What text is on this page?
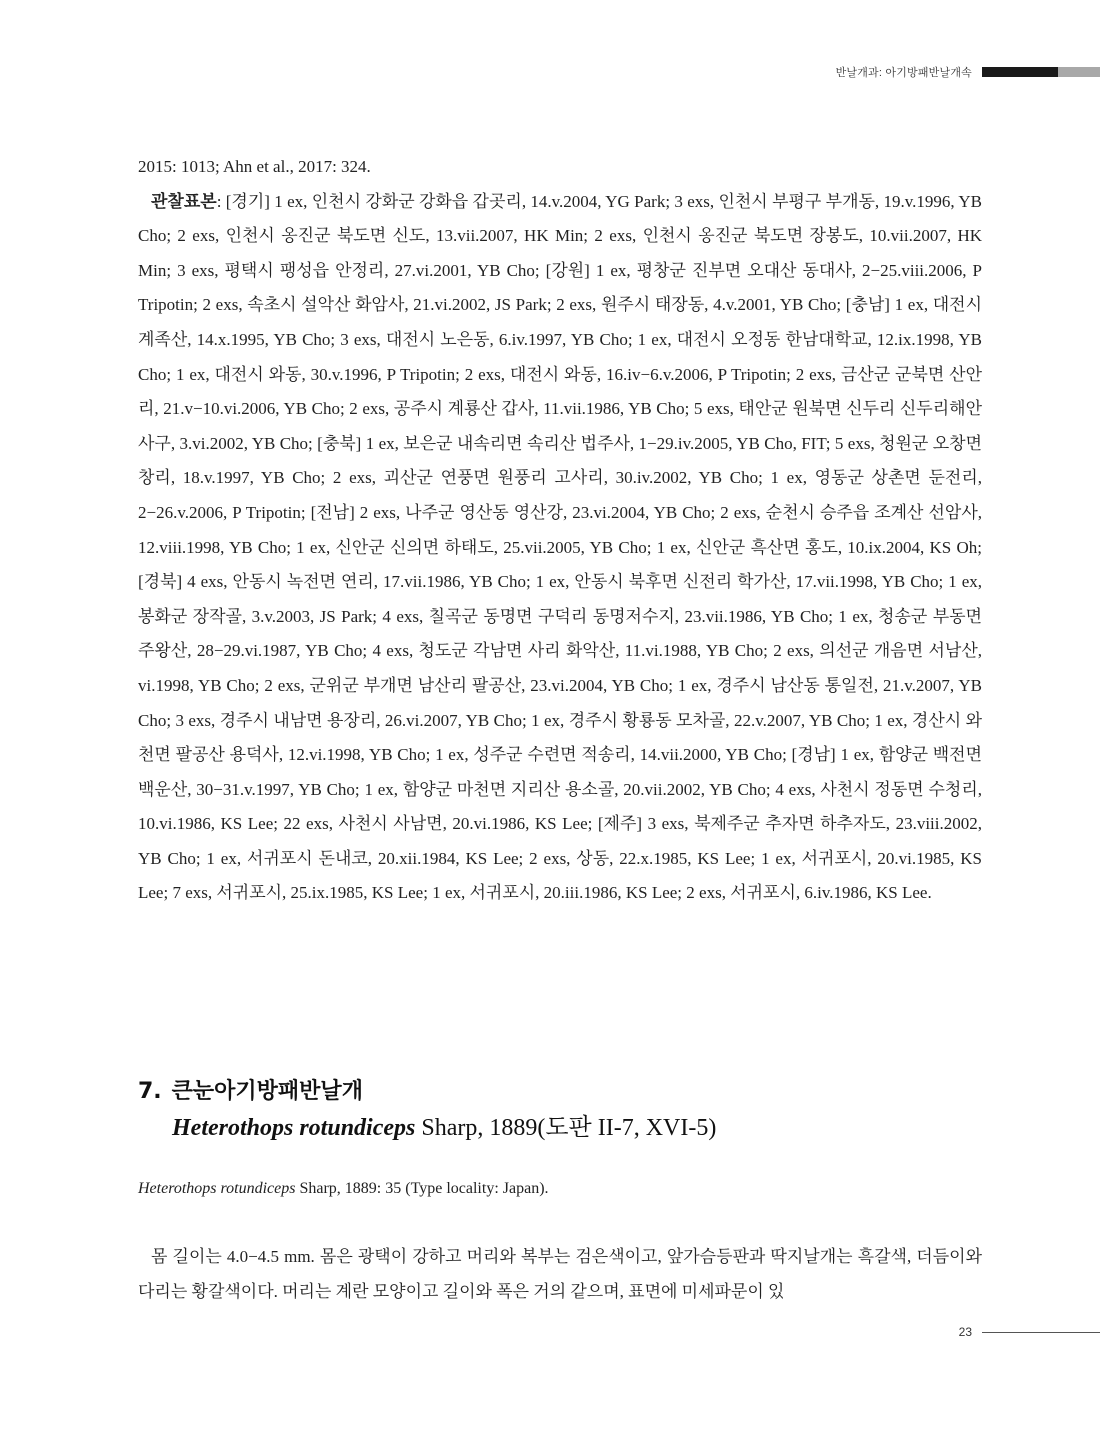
반날개과: 아기방패반날개속

2015: 1013; Ahn et al., 2017: 324.

관찰표본: [경기] 1 ex, 인천시 강화군 강화읍 갑곳리, 14.v.2004, YG Park; 3 exs, 인천시 부평구 부개동, 19.v.1996, YB Cho; 2 exs, 인천시 옹진군 북도면 신도, 13.vii.2007, HK Min; 2 exs, 인천시 옹진군 북도면 장봉도, 10.vii.2007, HK Min; 3 exs, 평택시 팽성읍 안정리, 27.vi.2001, YB Cho; [강원] 1 ex, 평창군 진부면 오대산 동대사, 2−25.viii.2006, P Tripotin; 2 exs, 속초시 설악산 화암사, 21.vi.2002, JS Park; 2 exs, 원주시 태장동, 4.v.2001, YB Cho; [충남] 1 ex, 대전시 계족산, 14.x.1995, YB Cho; 3 exs, 대전시 노은동, 6.iv.1997, YB Cho; 1 ex, 대전시 오정동 한남대학교, 12.ix.1998, YB Cho; 1 ex, 대전시 와동, 30.v.1996, P Tripotin; 2 exs, 대전시 와동, 16.iv−6.v.2006, P Tripotin; 2 exs, 금산군 군북면 산안리, 21.v−10.vi.2006, YB Cho; 2 exs, 공주시 계룡산 갑사, 11.vii.1986, YB Cho; 5 exs, 태안군 원북면 신두리 신두리해안사구, 3.vi.2002, YB Cho; [충북] 1 ex, 보은군 내속리면 속리산 법주사, 1−29.iv.2005, YB Cho, FIT; 5 exs, 청원군 오창면 창리, 18.v.1997, YB Cho; 2 exs, 괴산군 연풍면 원풍리 고사리, 30.iv.2002, YB Cho; 1 ex, 영동군 상촌면 둔전리, 2−26.v.2006, P Tripotin; [전남] 2 exs, 나주군 영산동 영산강, 23.vi.2004, YB Cho; 2 exs, 순천시 승주읍 조계산 선암사, 12.viii.1998, YB Cho; 1 ex, 신안군 신의면 하태도, 25.vii.2005, YB Cho; 1 ex, 신안군 흑산면 홍도, 10.ix.2004, KS Oh; [경북] 4 exs, 안동시 녹전면 연리, 17.vii.1986, YB Cho; 1 ex, 안동시 북후면 신전리 학가산, 17.vii.1998, YB Cho; 1 ex, 봉화군 장작골, 3.v.2003, JS Park; 4 exs, 칠곡군 동명면 구덕리 동명저수지, 23.vii.1986, YB Cho; 1 ex, 청송군 부동면 주왕산, 28−29.vi.1987, YB Cho; 4 exs, 청도군 각남면 사리 화악산, 11.vi.1988, YB Cho; 2 exs, 의선군 개음면 서남산, vi.1998, YB Cho; 2 exs, 군위군 부개면 남산리 팔공산, 23.vi.2004, YB Cho; 1 ex, 경주시 남산동 통일전, 21.v.2007, YB Cho; 3 exs, 경주시 내남면 용장리, 26.vi.2007, YB Cho; 1 ex, 경주시 황룡동 모차골, 22.v.2007, YB Cho; 1 ex, 경산시 와천면 팔공산 용덕사, 12.vi.1998, YB Cho; 1 ex, 성주군 수련면 적송리, 14.vii.2000, YB Cho; [경남] 1 ex, 함양군 백전면 백운산, 30−31.v.1997, YB Cho; 1 ex, 함양군 마천면 지리산 용소골, 20.vii.2002, YB Cho; 4 exs, 사천시 정동면 수청리, 10.vi.1986, KS Lee; 22 exs, 사천시 사남면, 20.vi.1986, KS Lee; [제주] 3 exs, 북제주군 추자면 하추자도, 23.viii.2002, YB Cho; 1 ex, 서귀포시 돈내코, 20.xii.1984, KS Lee; 2 exs, 상동, 22.x.1985, KS Lee; 1 ex, 서귀포시, 20.vi.1985, KS Lee; 7 exs, 서귀포시, 25.ix.1985, KS Lee; 1 ex, 서귀포시, 20.iii.1986, KS Lee; 2 exs, 서귀포시, 6.iv.1986, KS Lee.

7. 큰눈아기방패반날개
Heterothops rotundiceps Sharp, 1889(도판 II-7, XVI-5)
Heterothops rotundiceps Sharp, 1889: 35 (Type locality: Japan).

몸 길이는 4.0−4.5 mm. 몸은 광택이 강하고 머리와 복부는 검은색이고, 앞가슴등판과 딱지날개는 흑갈색, 더듬이와 다리는 황갈색이다. 머리는 계란 모양이고 길이와 폭은 거의 같으며, 표면에 미세파문이 있

23
